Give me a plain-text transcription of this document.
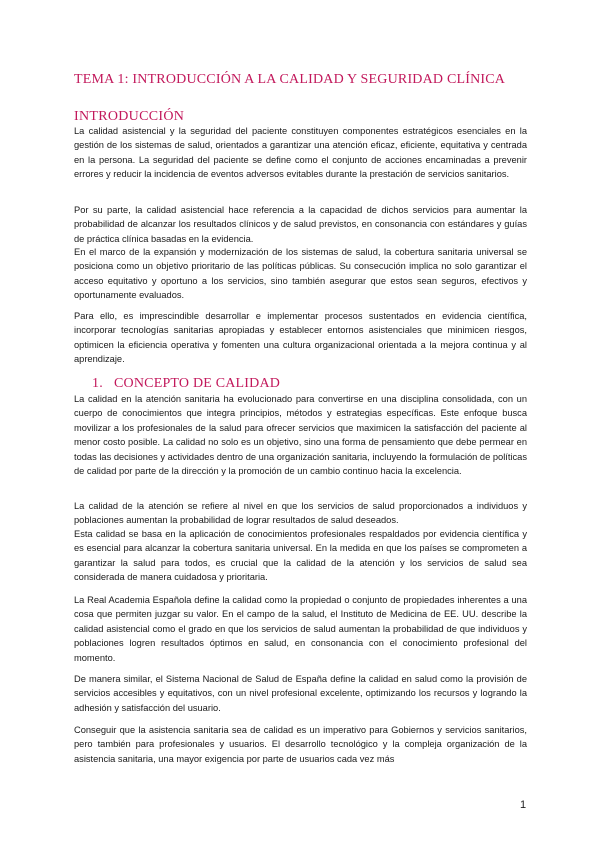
TEMA 1: INTRODUCCIÓN A LA CALIDAD Y SEGURIDAD CLÍNICA
INTRODUCCIÓN

La calidad asistencial y la seguridad del paciente constituyen componentes estratégicos esenciales en la gestión de los sistemas de salud, orientados a garantizar una atención eficaz, eficiente, equitativa y centrada en la persona. La seguridad del paciente se define como el conjunto de acciones encaminadas a prevenir errores y reducir la incidencia de eventos adversos evitables durante la prestación de servicios sanitarios.

Por su parte, la calidad asistencial hace referencia a la capacidad de dichos servicios para aumentar la probabilidad de alcanzar los resultados clínicos y de salud previstos, en consonancia con estándares y guías de práctica clínica basadas en la evidencia.

En el marco de la expansión y modernización de los sistemas de salud, la cobertura sanitaria universal se posiciona como un objetivo prioritario de las políticas públicas. Su consecución implica no solo garantizar el acceso equitativo y oportuno a los servicios, sino también asegurar que estos sean seguros, efectivos y oportunamente evaluados.

Para ello, es imprescindible desarrollar e implementar procesos sustentados en evidencia científica, incorporar tecnologías sanitarias apropiadas y establecer entornos asistenciales que minimicen riesgos, optimicen la eficiencia operativa y fomenten una cultura organizacional orientada a la mejora continua y al aprendizaje.

1. CONCEPTO DE CALIDAD

La calidad en la atención sanitaria ha evolucionado para convertirse en una disciplina consolidada, con un cuerpo de conocimientos que integra principios, métodos y estrategias específicas. Este enfoque busca movilizar a los profesionales de la salud para ofrecer servicios que maximicen la satisfacción del paciente al menor costo posible. La calidad no solo es un objetivo, sino una forma de pensamiento que debe permear en todas las decisiones y actividades dentro de una organización sanitaria, incluyendo la formulación de políticas de calidad por parte de la dirección y la promoción de un cambio continuo hacia la excelencia.

La calidad de la atención se refiere al nivel en que los servicios de salud proporcionados a individuos y poblaciones aumentan la probabilidad de lograr resultados de salud deseados.

Esta calidad se basa en la aplicación de conocimientos profesionales respaldados por evidencia científica y es esencial para alcanzar la cobertura sanitaria universal. En la medida en que los países se comprometen a garantizar la salud para todos, es crucial que la calidad de la atención y los servicios de salud sea considerada de manera cuidadosa y prioritaria.

La Real Academia Española define la calidad como la propiedad o conjunto de propiedades inherentes a una cosa que permiten juzgar su valor. En el campo de la salud, el Instituto de Medicina de EE. UU. describe la calidad asistencial como el grado en que los servicios de salud aumentan la probabilidad de que individuos y poblaciones logren resultados óptimos en salud, en consonancia con el conocimiento profesional del momento.

De manera similar, el Sistema Nacional de Salud de España define la calidad en salud como la provisión de servicios accesibles y equitativos, con un nivel profesional excelente, optimizando los recursos y logrando la adhesión y satisfacción del usuario.

Conseguir que la asistencia sanitaria sea de calidad es un imperativo para Gobiernos y servicios sanitarios, pero también para profesionales y usuarios. El desarrollo tecnológico y la compleja organización de la asistencia sanitaria, una mayor exigencia por parte de usuarios cada vez más

1
